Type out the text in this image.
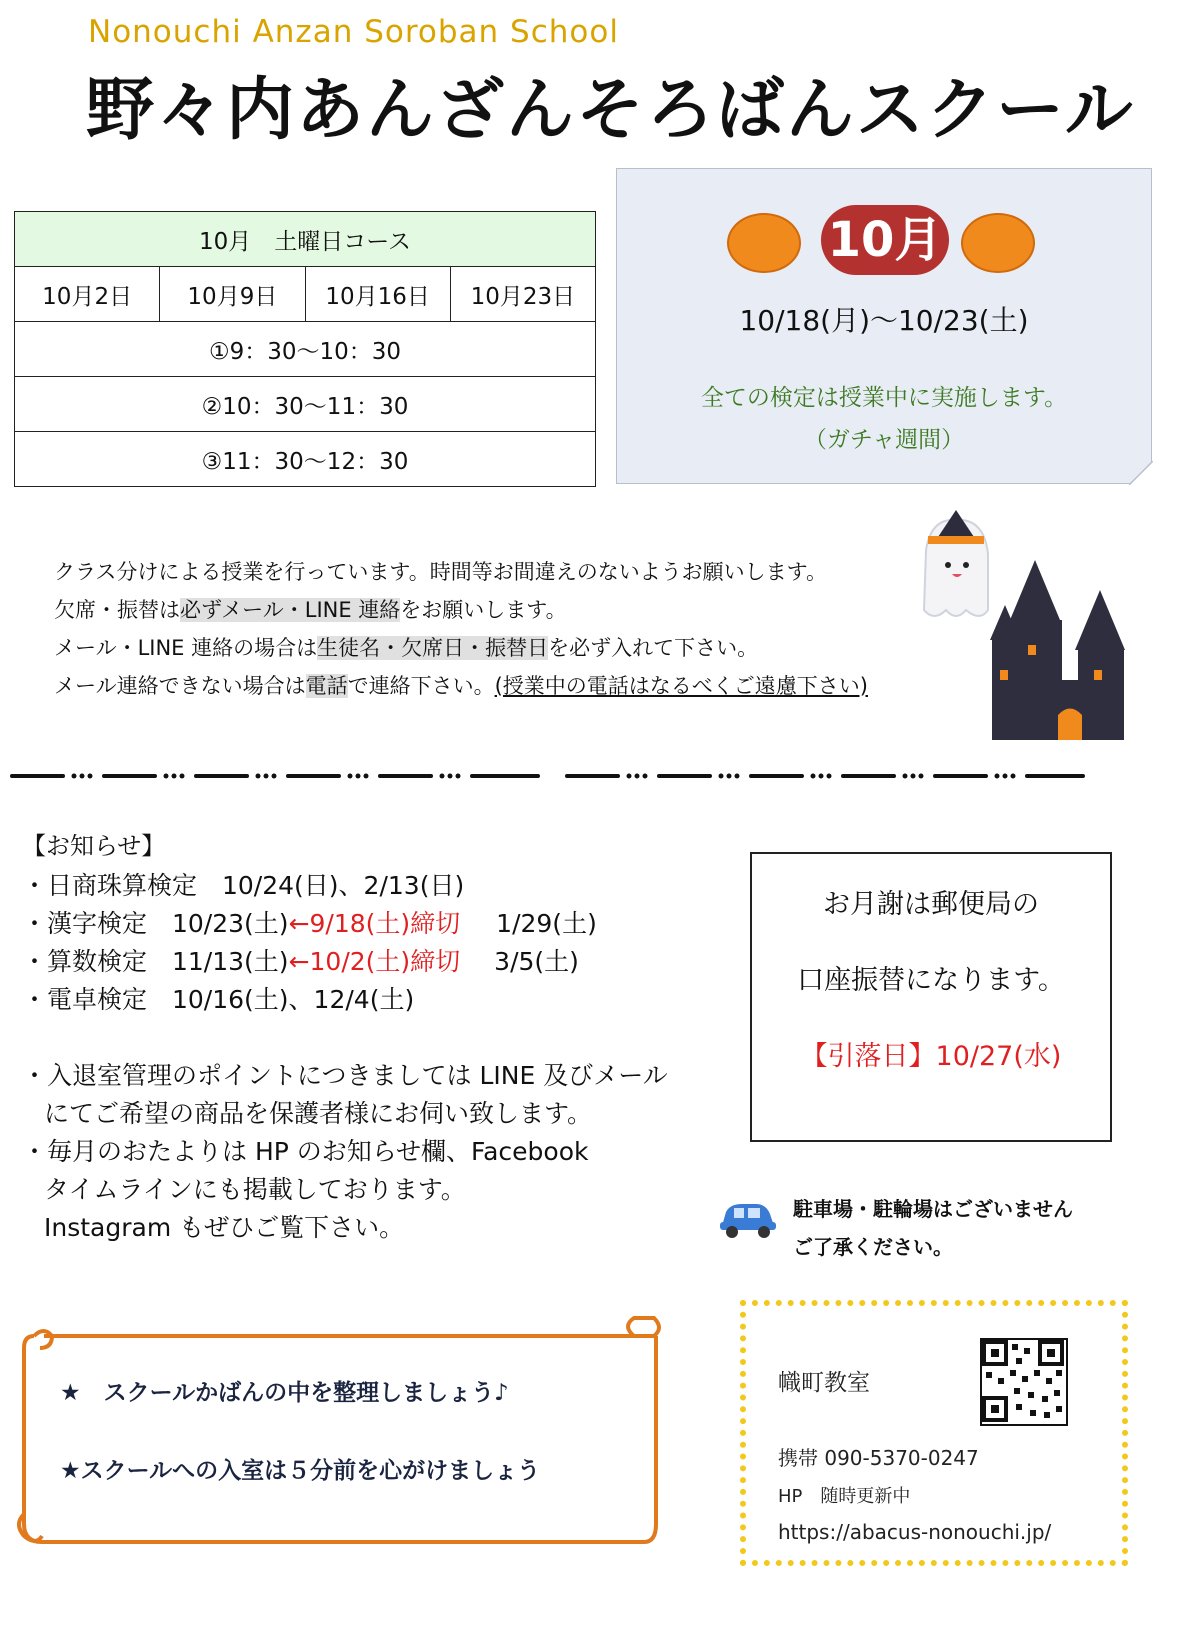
Nonouchi Anzan Soroban School
野々内あんざんそろばんスクール
10月　土曜日コース
10月2日	10月9日	10月16日	10月23日
①9：30～10：30
②10：30～11：30
③11：30～12：30
10月
10/18(月)～10/23(土)
全ての検定は授業中に実施します。
（ガチャ週間）
クラス分けによる授業を行っています。時間等お間違えのないようお願いします。
欠席・振替は必ずメール・LINE 連絡をお願いします。
メール・LINE 連絡の場合は生徒名・欠席日・振替日を必ず入れて下さい。
メール連絡できない場合は電話で連絡下さい。(授業中の電話はなるべくご遠慮下さい)
【お知らせ】
・日商珠算検定　10/24(日)、2/13(日)
・漢字検定　10/23(土)←9/18(土)締切 1/29(土)
・算数検定　11/13(土)←10/2(土)締切 3/5(土)
・電卓検定　10/16(土)、12/4(土)
・入退室管理のポイントにつきましては LINE 及びメール
にてご希望の商品を保護者様にお伺い致します。
・毎月のおたよりは HP のお知らせ欄、Facebook
タイムラインにも掲載しております。
Instagram もぜひご覧下さい。
お月謝は郵便局の
口座振替になります。
【引落日】10/27(水)
駐車場・駐輪場はございません
ご了承ください。
★　スクールかばんの中を整理しましょう♪
★スクールへの入室は５分前を心がけましょう
幟町教室
携帯 090-5370-0247
HP　随時更新中
https://abacus-nonouchi.jp/
